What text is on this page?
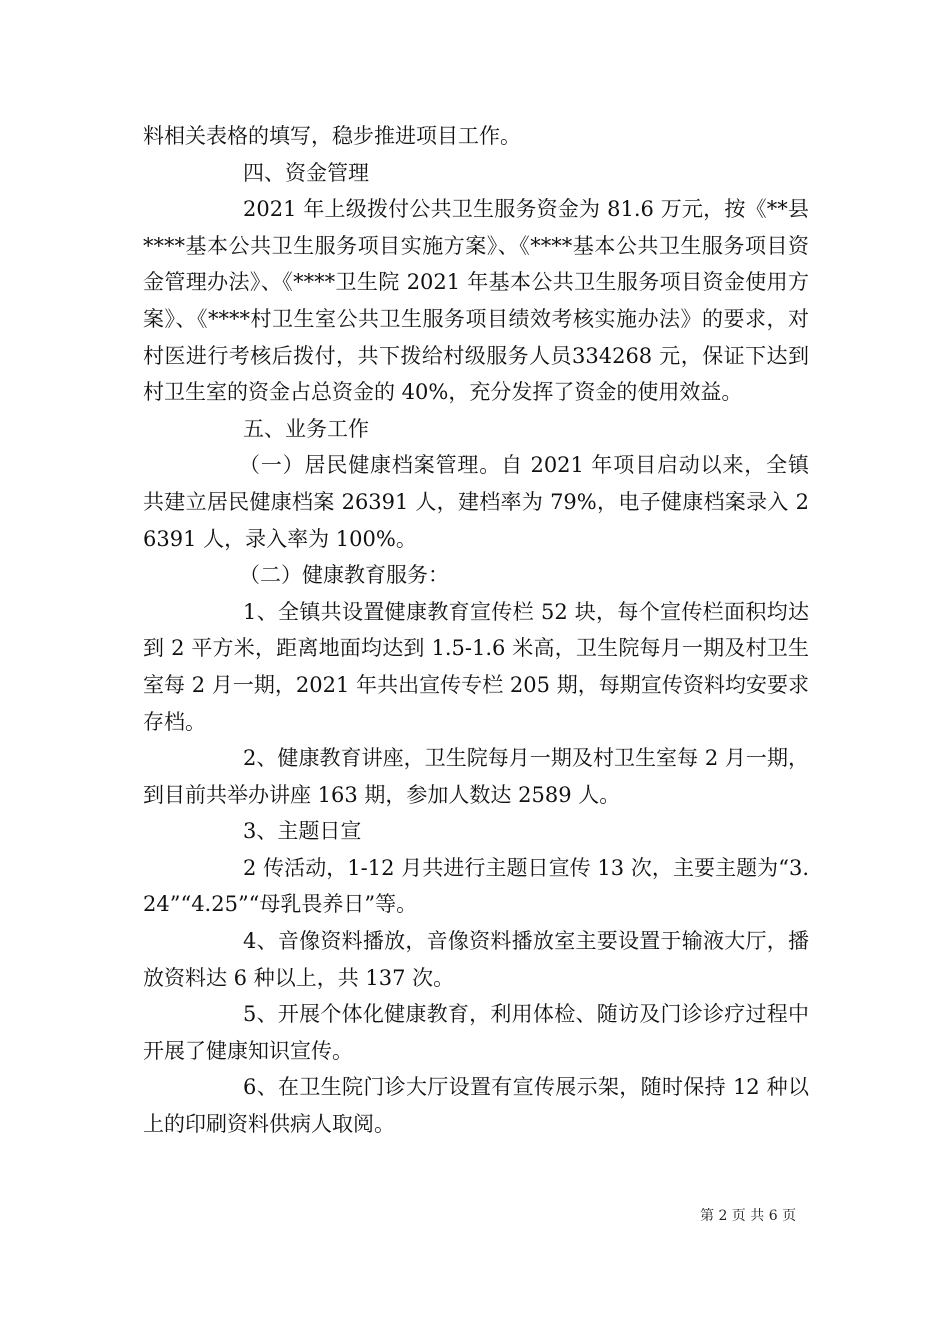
料相关表格的填写，稳步推进项目工作。

四、资金管理

2021 年上级拨付公共卫生服务资金为 81.6 万元，按《**县****基本公共卫生服务项目实施方案》、《****基本公共卫生服务项目资金管理办法》、《****卫生院 2021 年基本公共卫生服务项目资金使用方案》、《****村卫生室公共卫生服务项目绩效考核实施办法》的要求，对村医进行考核后拨付，共下拨给村级服务人员334268 元，保证下达到村卫生室的资金占总资金的 40%，充分发挥了资金的使用效益。

五、业务工作

（一）居民健康档案管理。自 2021 年项目启动以来，全镇共建立居民健康档案 26391 人，建档率为 79%，电子健康档案录入 26391 人，录入率为 100%。

（二）健康教育服务：

1、全镇共设置健康教育宣传栏 52 块，每个宣传栏面积均达到 2 平方米，距离地面均达到 1.5-1.6 米高，卫生院每月一期及村卫生室每 2 月一期，2021 年共出宣传专栏 205 期，每期宣传资料均安要求存档。

2、健康教育讲座，卫生院每月一期及村卫生室每 2 月一期，到目前共举办讲座 163 期，参加人数达 2589 人。

3、主题日宣

2 传活动，1-12 月共进行主题日宣传 13 次，主要主题为“3.24”“4.25”“母乳畏养日”等。

4、音像资料播放，音像资料播放室主要设置于输液大厅，播放资料达 6 种以上，共 137 次。

5、开展个体化健康教育，利用体检、随访及门诊诊疗过程中开展了健康知识宣传。

6、在卫生院门诊大厅设置有宣传展示架，随时保持 12 种以上的印刷资料供病人取阅。

第 2 页 共 6 页
